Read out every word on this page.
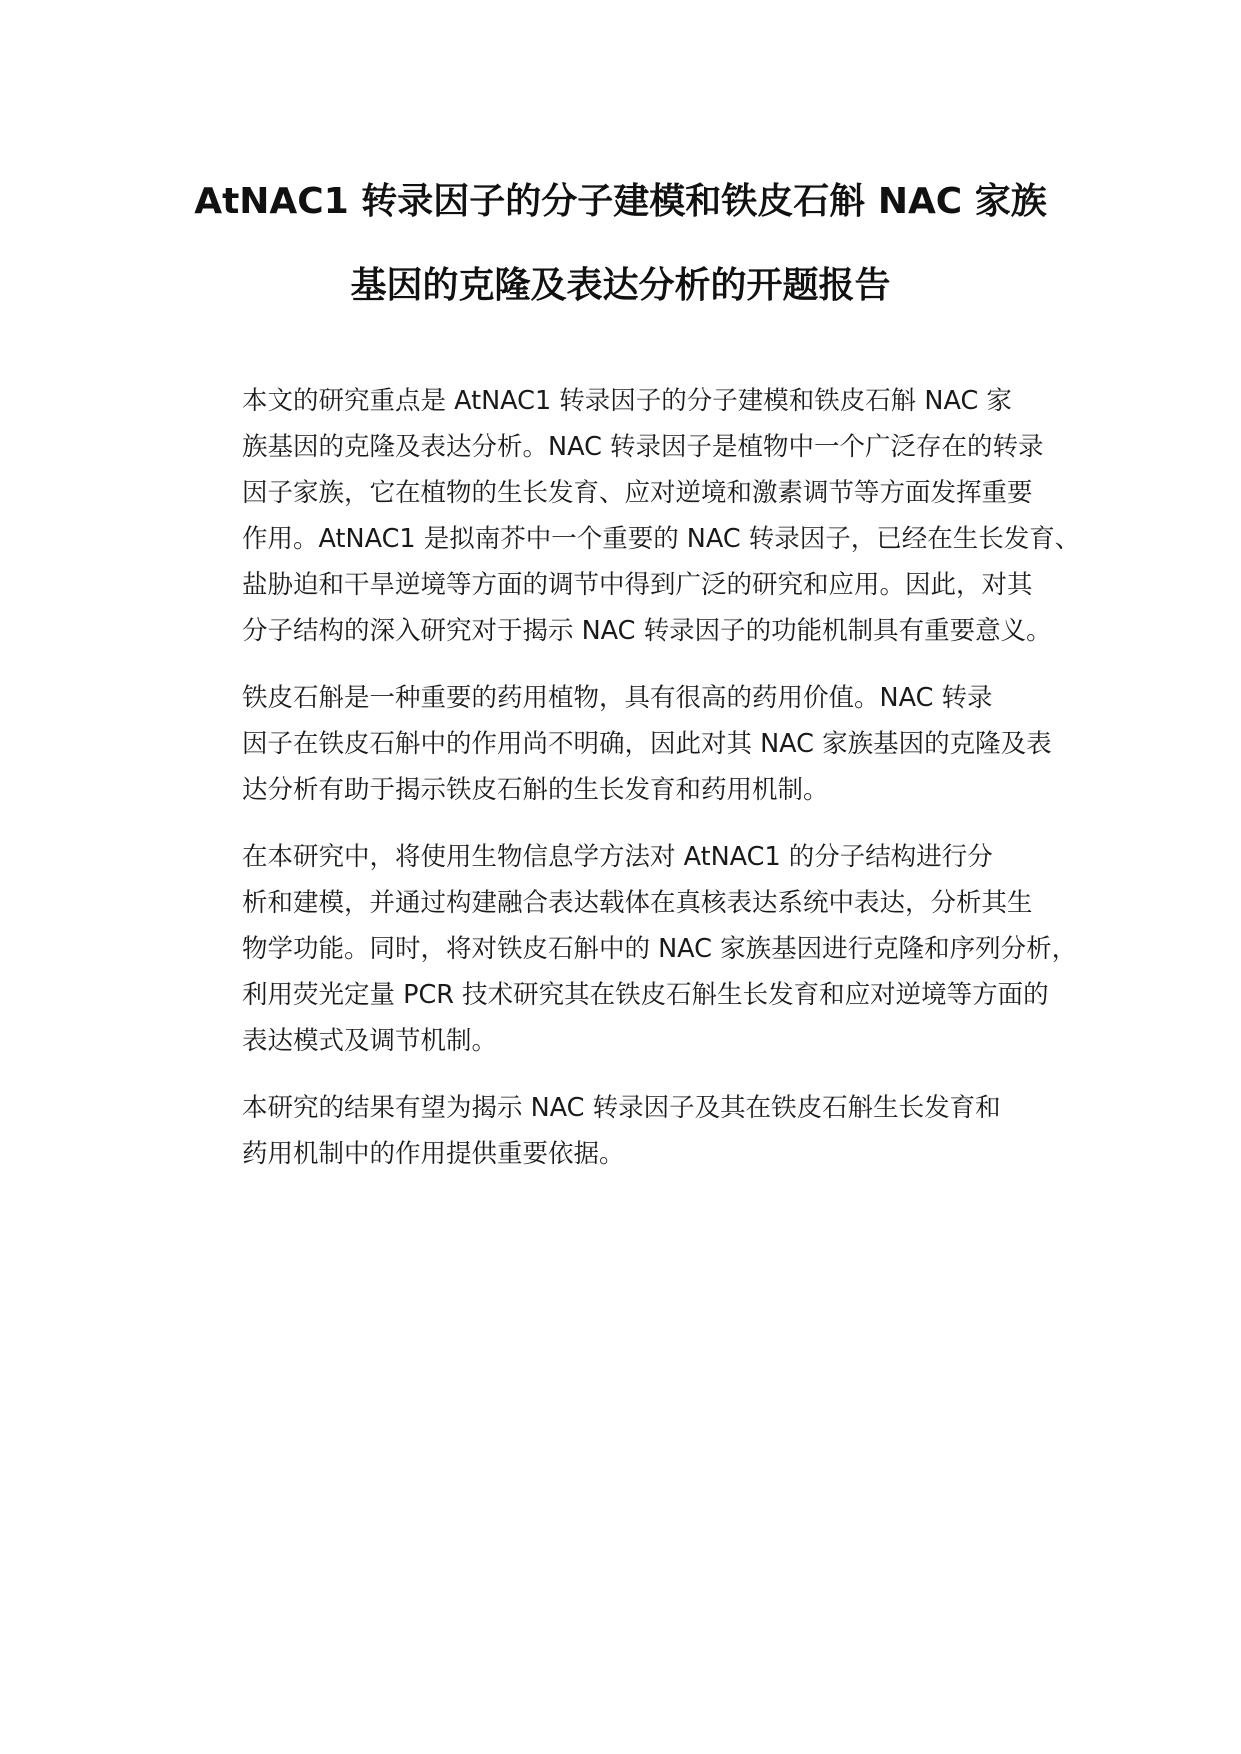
AtNAC1 转录因子的分子建模和铁皮石斛 NAC 家族
基因的克隆及表达分析的开题报告

本文的研究重点是 AtNAC1 转录因子的分子建模和铁皮石斛 NAC 家
族基因的克隆及表达分析。NAC 转录因子是植物中一个广泛存在的转录
因子家族，它在植物的生长发育、应对逆境和激素调节等方面发挥重要
作用。AtNAC1 是拟南芥中一个重要的 NAC 转录因子，已经在生长发育、
盐胁迫和干旱逆境等方面的调节中得到广泛的研究和应用。因此，对其
分子结构的深入研究对于揭示 NAC 转录因子的功能机制具有重要意义。

铁皮石斛是一种重要的药用植物，具有很高的药用价值。NAC 转录
因子在铁皮石斛中的作用尚不明确，因此对其 NAC 家族基因的克隆及表
达分析有助于揭示铁皮石斛的生长发育和药用机制。

在本研究中，将使用生物信息学方法对 AtNAC1 的分子结构进行分
析和建模，并通过构建融合表达载体在真核表达系统中表达，分析其生
物学功能。同时，将对铁皮石斛中的 NAC 家族基因进行克隆和序列分析，
利用荧光定量 PCR 技术研究其在铁皮石斛生长发育和应对逆境等方面的
表达模式及调节机制。

本研究的结果有望为揭示 NAC 转录因子及其在铁皮石斛生长发育和
药用机制中的作用提供重要依据。
